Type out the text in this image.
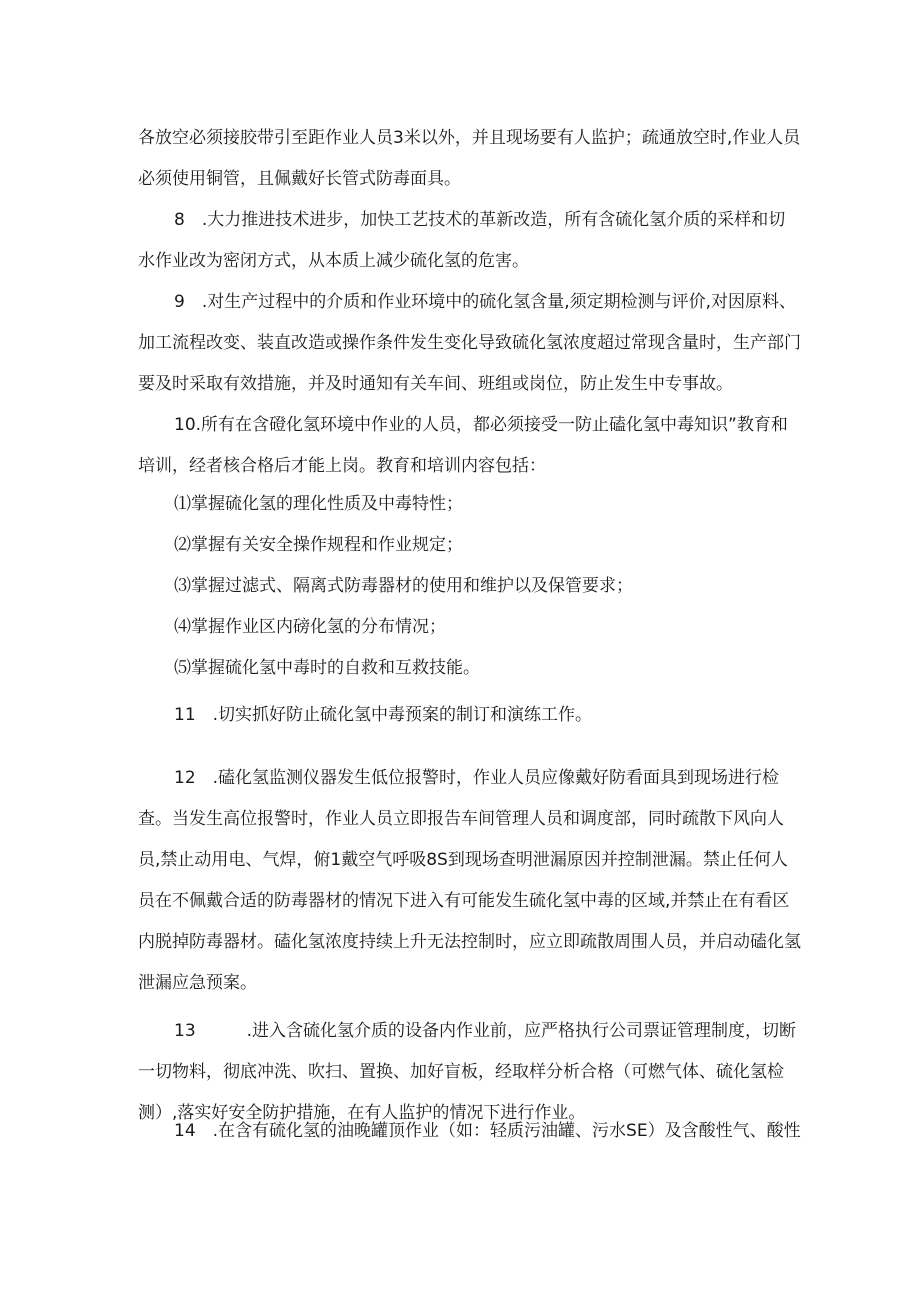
各放空必须接胶带引至距作业人员3米以外，并且现场要有人监护；疏通放空时,作业人员必须使用铜管，且佩戴好长管式防毒面具。

8　.大力推进技术进步，加快工艺技术的革新改造，所有含硫化氢介质的采样和切水作业改为密闭方式，从本质上减少硫化氢的危害。

9　.对生产过程中的介质和作业环境中的硫化氢含量,须定期检测与评价,对因原料、加工流程改变、装直改造或操作条件发生变化导致硫化氢浓度超过常现含量时，生产部门要及时采取有效措施，并及时通知有关车间、班组或岗位，防止发生中专事故。

10.所有在含磴化氢环境中作业的人员，都必须接受一防止磕化氢中毒知识”教育和培训，经者核合格后才能上岗。教育和培训内容包括：

⑴掌握硫化氢的理化性质及中毒特性；

⑵掌握有关安全操作规程和作业规定；

⑶掌握过滤式、隔离式防毒器材的使用和维护以及保管要求；

⑷掌握作业区内磅化氢的分布情况；

⑸掌握硫化氢中毒时的自救和互救技能。

11　.切实抓好防止硫化氢中毒预案的制订和演练工作。

12　.磕化氢监测仪器发生低位报警时，作业人员应像戴好防看面具到现场进行检查。当发生高位报警时，作业人员立即报告车间管理人员和调度部，同时疏散下风向人员,禁止动用电、气焊，俯1戴空气呼吸8S到现场查明泄漏原因并控制泄漏。禁止任何人员在不佩戴合适的防毒器材的情况下进入有可能发生硫化氢中毒的区域,并禁止在有看区内脱掉防毒器材。磕化氢浓度持续上升无法控制时，应立即疏散周围人员，并启动磕化氢泄漏应急预案。

13　　　.进入含硫化氢介质的设备内作业前，应严格执行公司票证管理制度，切断一切物料，彻底冲洗、吹扫、置换、加好盲板，经取样分析合格（可燃气体、硫化氢检测）,落实好安全防护措施，在有人监护的情况下进行作业。

14　.在含有硫化氢的油晚罐顶作业（如：轻质污油罐、污水SE）及含酸性气、酸性
